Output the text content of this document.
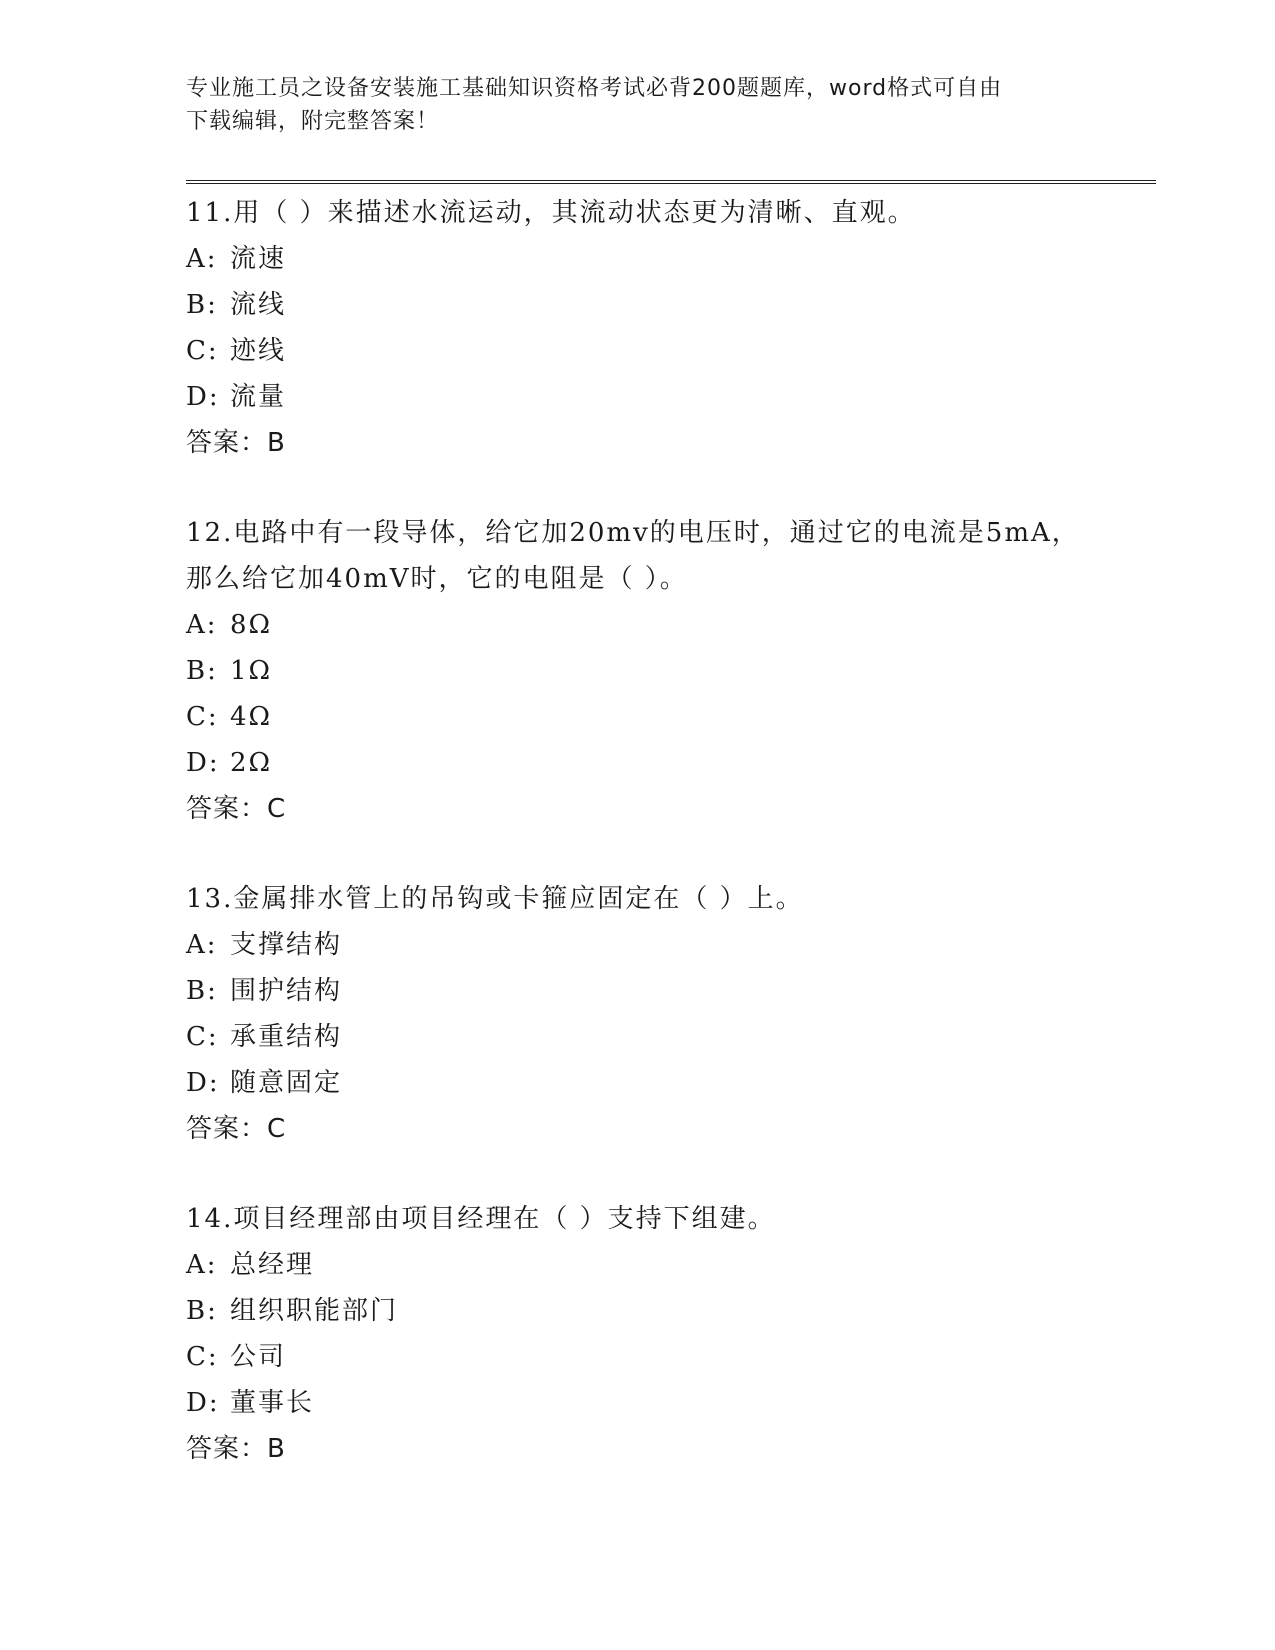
专业施工员之设备安装施工基础知识资格考试必背200题题库，word格式可自由
下载编辑，附完整答案！

11.用（ ）来描述水流运动，其流动状态更为清晰、直观。

A: 流速
B: 流线
C: 迹线
D: 流量

答案：B

12.电路中有一段导体，给它加20mv的电压时，通过它的电流是5mA，那么给它加40mV时，它的电阻是（ ）。

A: 8Ω
B: 1Ω
C: 4Ω
D: 2Ω

答案：C

13.金属排水管上的吊钩或卡箍应固定在（ ）上。

A: 支撑结构
B: 围护结构
C: 承重结构
D: 随意固定

答案：C

14.项目经理部由项目经理在（ ）支持下组建。

A: 总经理
B: 组织职能部门
C: 公司
D: 董事长

答案：B
